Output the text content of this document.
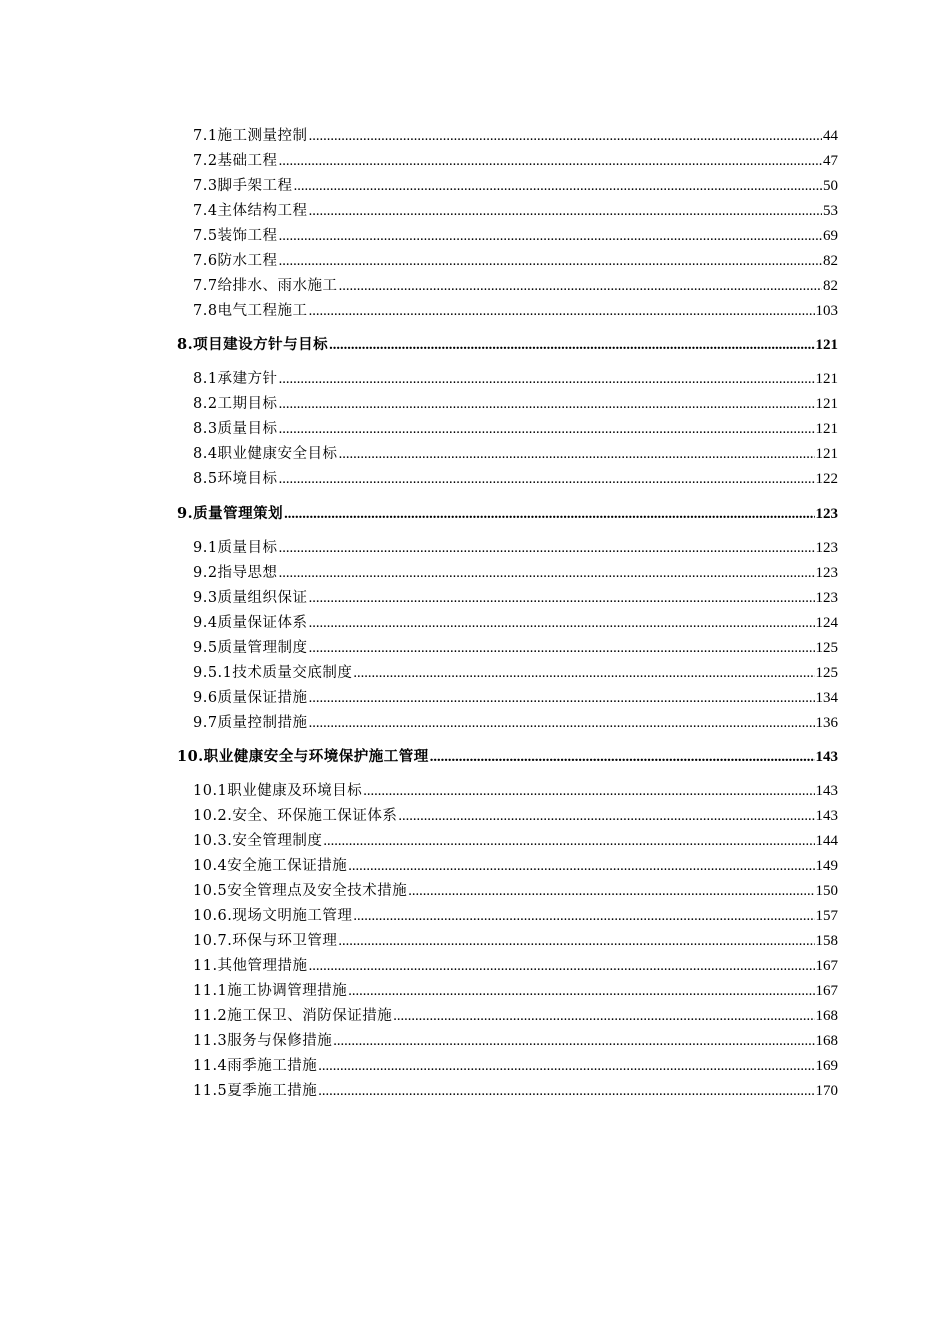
7.1施工测量控制 .....	44
7.2基础工程 .....	47
7.3脚手架工程 .....	50
7.4主体结构工程 .....	53
7.5装饰工程 .....	69
7.6防水工程 .....	82
7.7给排水、雨水施工 .....	82
7.8电气工程施工 .....	103
8.项目建设方针与目标 .....	121
8.1承建方针 .....	121
8.2工期目标 .....	121
8.3质量目标 .....	121
8.4职业健康安全目标 .....	121
8.5环境目标 .....	122
9.质量管理策划 .....	123
9.1质量目标 .....	123
9.2指导思想 .....	123
9.3质量组织保证 .....	123
9.4质量保证体系 .....	124
9.5质量管理制度 .....	125
9.5.1技术质量交底制度 .....	125
9.6质量保证措施 .....	134
9.7质量控制措施 .....	136
10.职业健康安全与环境保护施工管理 .....	143
10.1职业健康及环境目标 .....	143
10.2.安全、环保施工保证体系 .....	143
10.3.安全管理制度 .....	144
10.4安全施工保证措施 .....	149
10.5安全管理点及安全技术措施 .....	150
10.6.现场文明施工管理 .....	157
10.7.环保与环卫管理 .....	158
11.其他管理措施 .....	167
11.1施工协调管理措施 .....	167
11.2施工保卫、消防保证措施 .....	168
11.3服务与保修措施 .....	168
11.4雨季施工措施 .....	169
11.5夏季施工措施 .....	170
